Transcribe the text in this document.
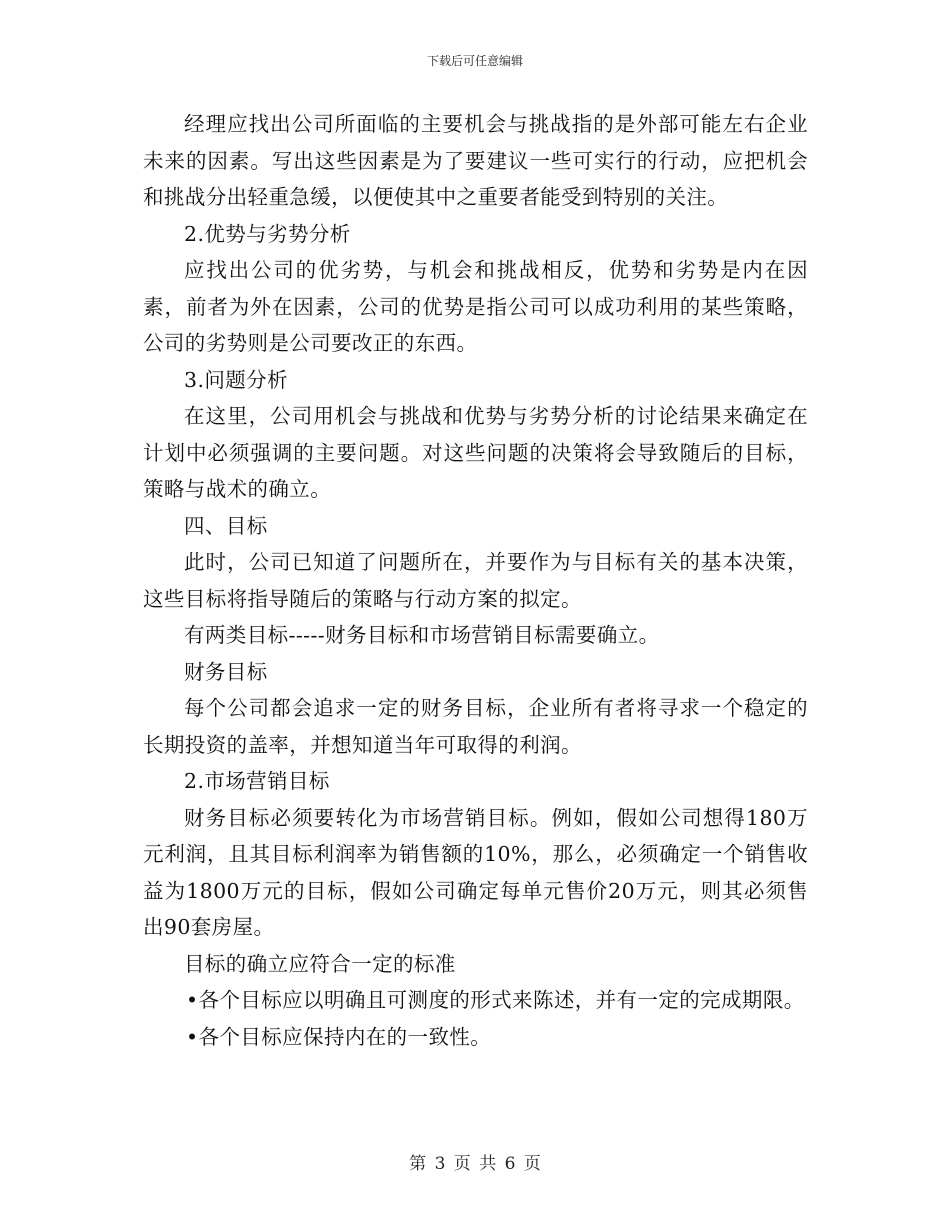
下载后可任意编辑

经理应找出公司所面临的主要机会与挑战指的是外部可能左右企业未来的因素。写出这些因素是为了要建议一些可实行的行动，应把机会和挑战分出轻重急缓，以便使其中之重要者能受到特别的关注。

2.优势与劣势分析

应找出公司的优劣势，与机会和挑战相反，优势和劣势是内在因素，前者为外在因素，公司的优势是指公司可以成功利用的某些策略，公司的劣势则是公司要改正的东西。

3.问题分析

在这里，公司用机会与挑战和优势与劣势分析的讨论结果来确定在计划中必须强调的主要问题。对这些问题的决策将会导致随后的目标，策略与战术的确立。

四、目标

此时，公司已知道了问题所在，并要作为与目标有关的基本决策，这些目标将指导随后的策略与行动方案的拟定。

有两类目标-----财务目标和市场营销目标需要确立。

财务目标

每个公司都会追求一定的财务目标，企业所有者将寻求一个稳定的长期投资的盖率，并想知道当年可取得的利润。

2.市场营销目标

财务目标必须要转化为市场营销目标。例如，假如公司想得180万元利润，且其目标利润率为销售额的10%，那么，必须确定一个销售收益为1800万元的目标，假如公司确定每单元售价20万元，则其必须售出90套房屋。

目标的确立应符合一定的标准

•各个目标应以明确且可测度的形式来陈述，并有一定的完成期限。

•各个目标应保持内在的一致性。

第 3 页 共 6 页
